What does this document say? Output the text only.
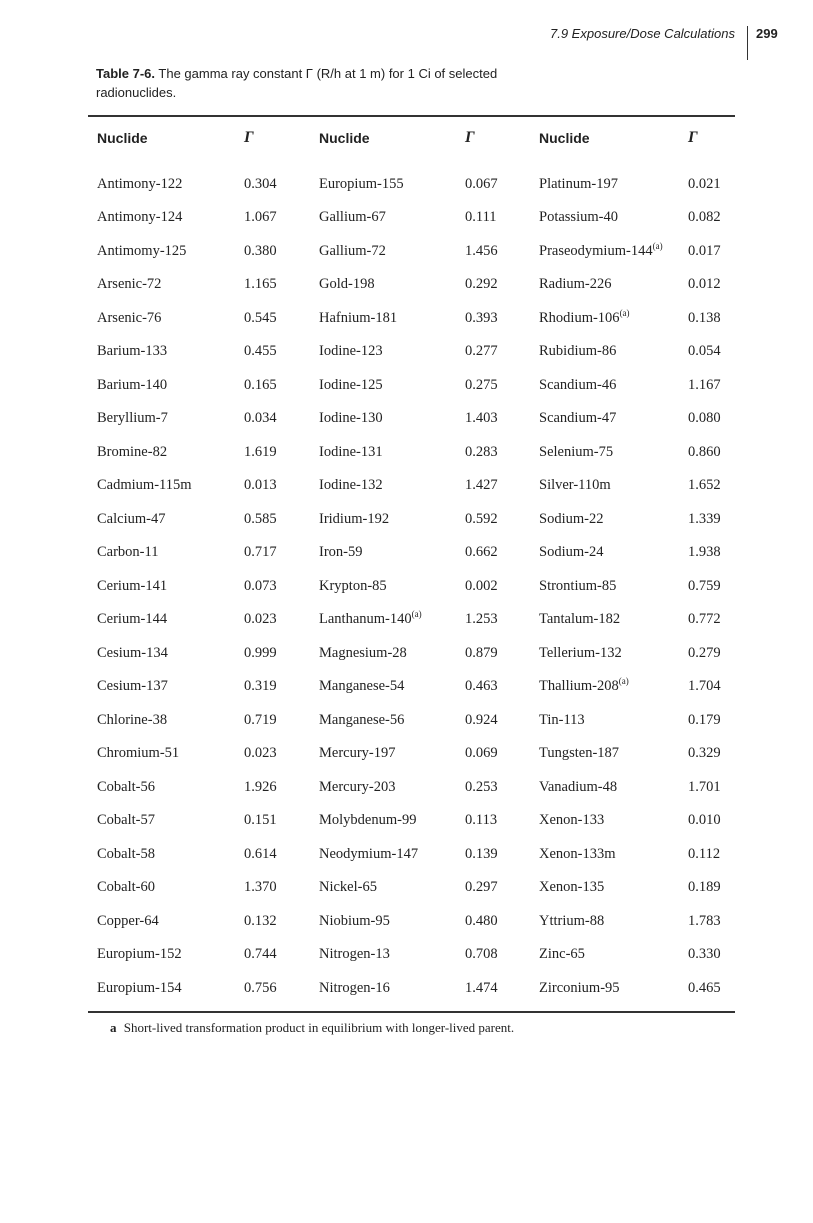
7.9 Exposure/Dose Calculations 299
Table 7-6. The gamma ray constant Γ (R/h at 1 m) for 1 Ci of selected radionuclides.
Nuclide	Γ	Nuclide	Γ	Nuclide	Γ
Antimony-122	0.304	Europium-155	0.067	Platinum-197	0.021
Antimony-124	1.067	Gallium-67	0.111	Potassium-40	0.082
Antimomy-125	0.380	Gallium-72	1.456	Praseodymium-144$^{(a)}$	0.017
Arsenic-72	1.165	Gold-198	0.292	Radium-226	0.012
Arsenic-76	0.545	Hafnium-181	0.393	Rhodium-106$^{(a)}$	0.138
Barium-133	0.455	Iodine-123	0.277	Rubidium-86	0.054
Barium-140	0.165	Iodine-125	0.275	Scandium-46	1.167
Beryllium-7	0.034	Iodine-130	1.403	Scandium-47	0.080
Bromine-82	1.619	Iodine-131	0.283	Selenium-75	0.860
Cadmium-115m	0.013	Iodine-132	1.427	Silver-110m	1.652
Calcium-47	0.585	Iridium-192	0.592	Sodium-22	1.339
Carbon-11	0.717	Iron-59	0.662	Sodium-24	1.938
Cerium-141	0.073	Krypton-85	0.002	Strontium-85	0.759
Cerium-144	0.023	Lanthanum-140$^{(a)}$	1.253	Tantalum-182	0.772
Cesium-134	0.999	Magnesium-28	0.879	Tellerium-132	0.279
Cesium-137	0.319	Manganese-54	0.463	Thallium-208$^{(a)}$	1.704
Chlorine-38	0.719	Manganese-56	0.924	Tin-113	0.179
Chromium-51	0.023	Mercury-197	0.069	Tungsten-187	0.329
Cobalt-56	1.926	Mercury-203	0.253	Vanadium-48	1.701
Cobalt-57	0.151	Molybdenum-99	0.113	Xenon-133	0.010
Cobalt-58	0.614	Neodymium-147	0.139	Xenon-133m	0.112
Cobalt-60	1.370	Nickel-65	0.297	Xenon-135	0.189
Copper-64	0.132	Niobium-95	0.480	Yttrium-88	1.783
Europium-152	0.744	Nitrogen-13	0.708	Zinc-65	0.330
Europium-154	0.756	Nitrogen-16	1.474	Zirconium-95	0.465
a Short-lived transformation product in equilibrium with longer-lived parent.
